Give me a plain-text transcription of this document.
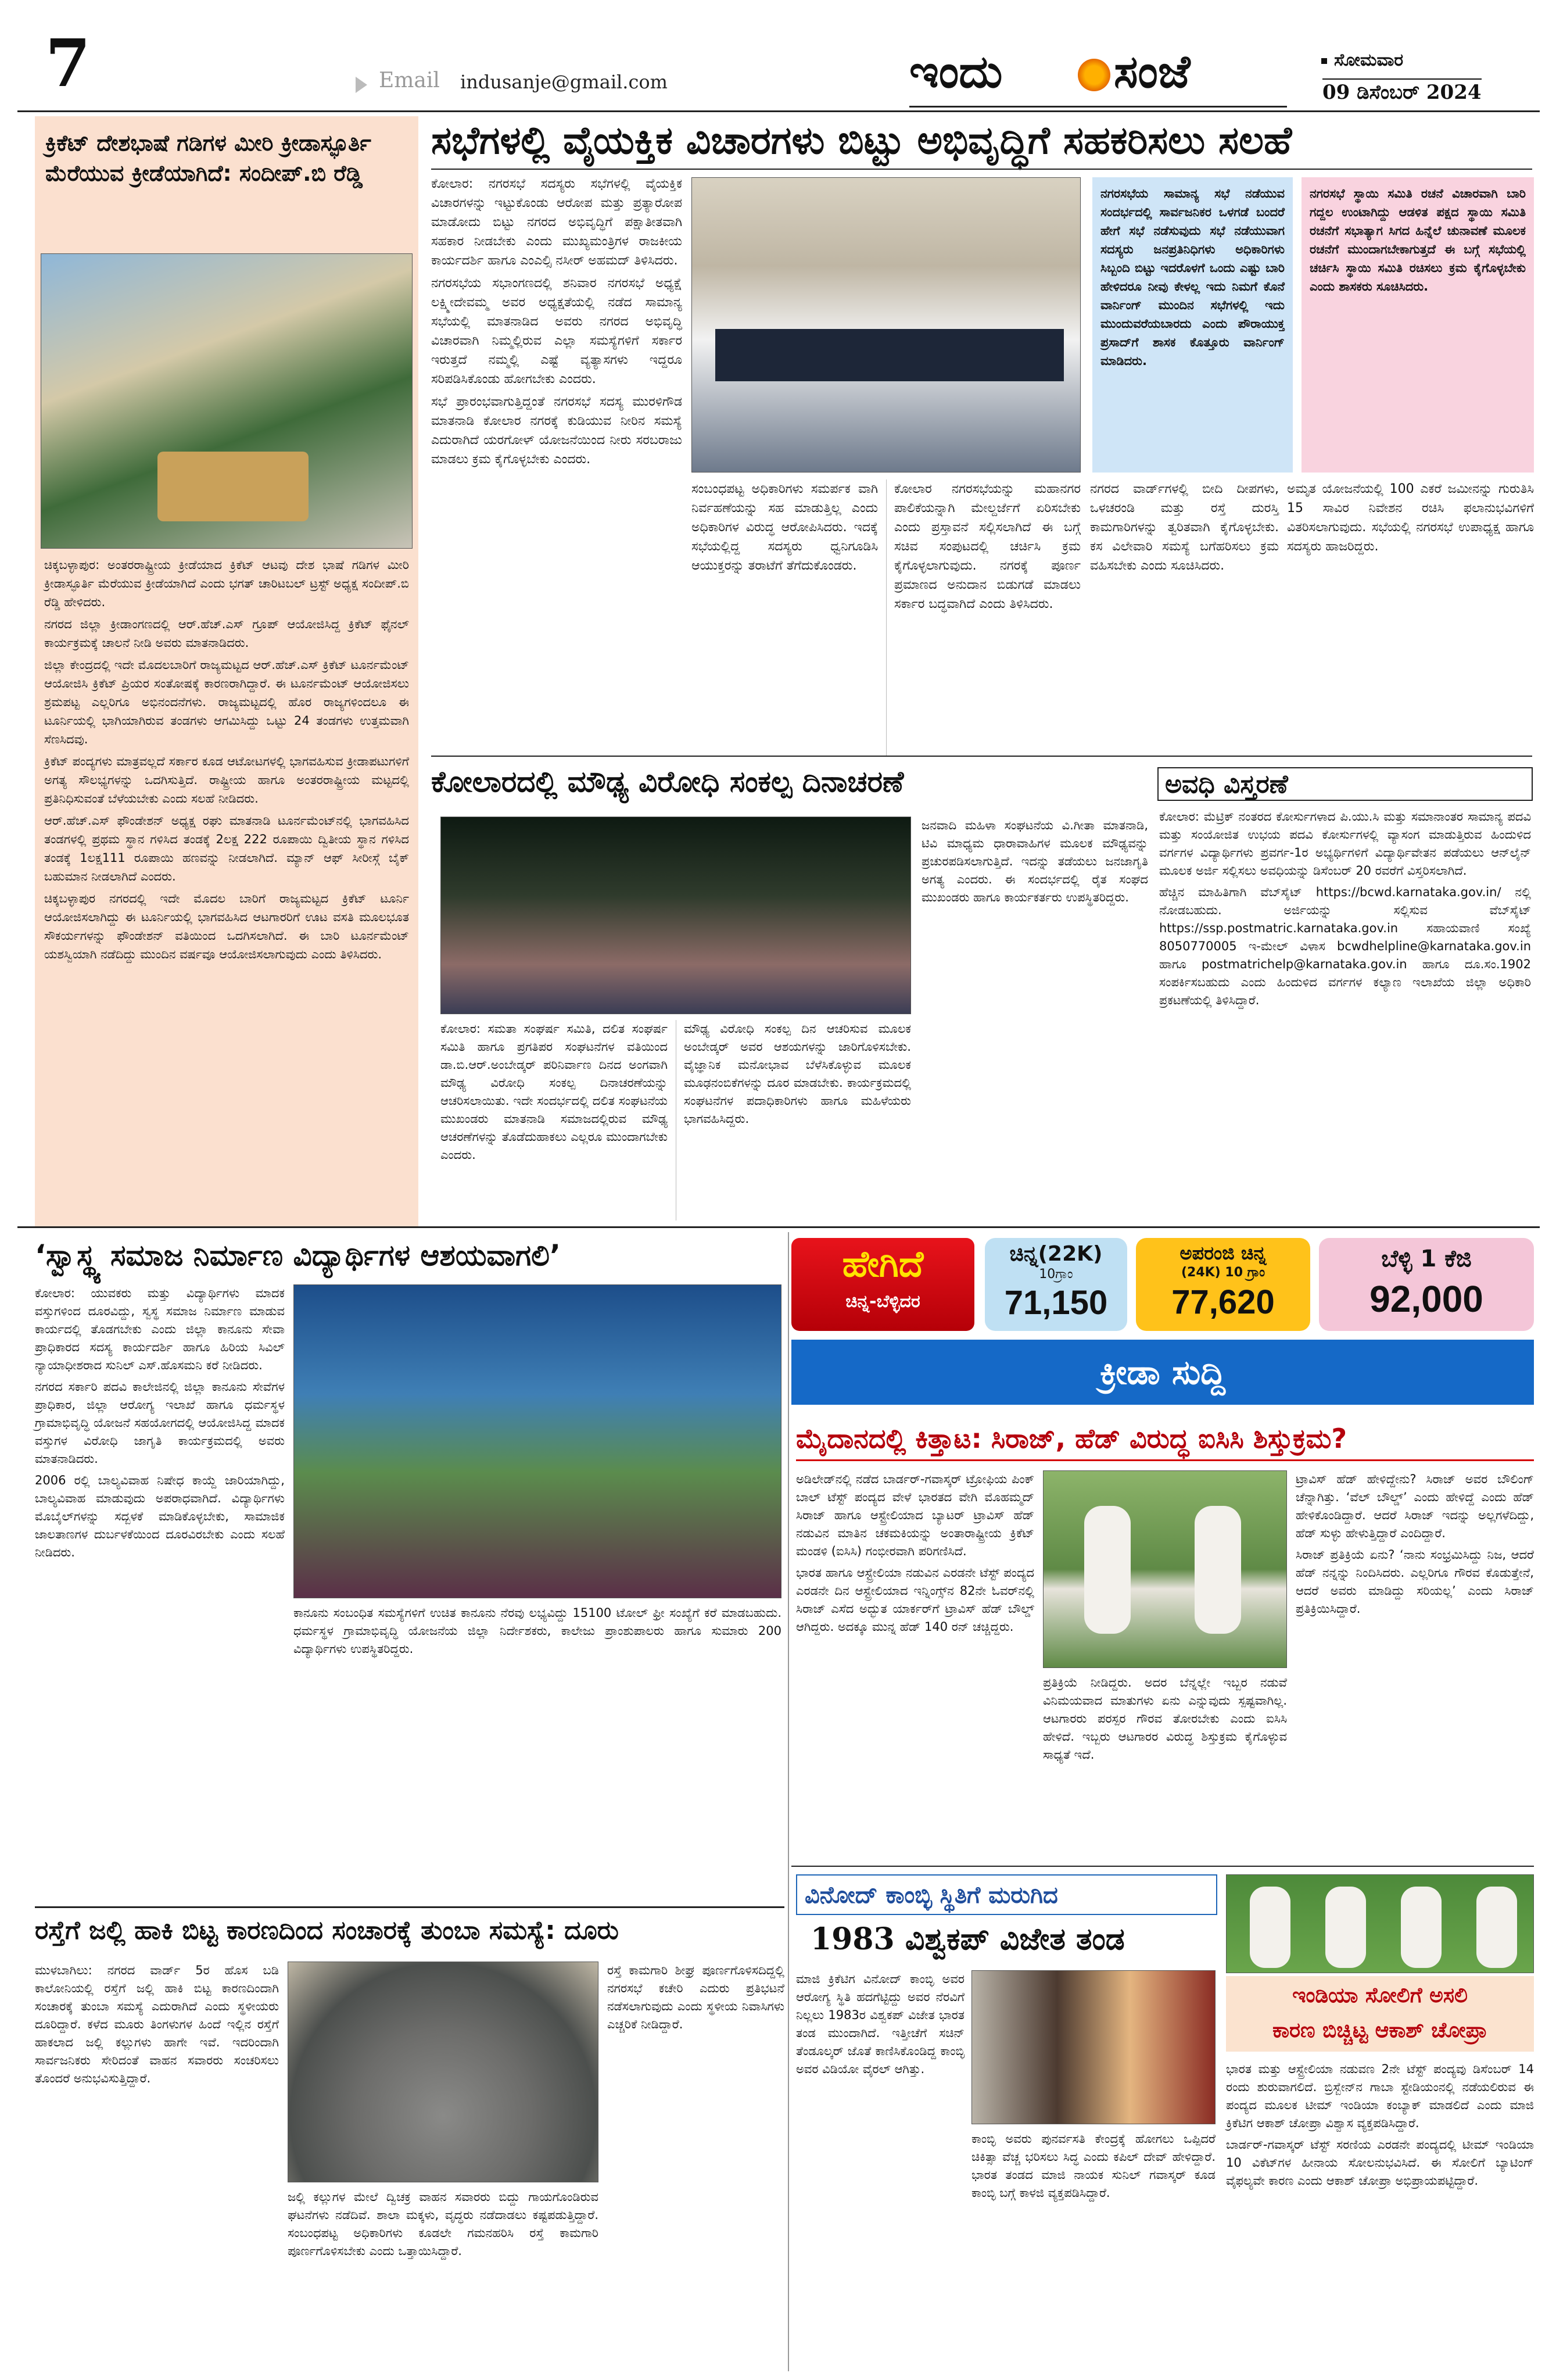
7	Email indusanje@gmail.com	ಇಂದು ಸಂಜೆ	ಸೋಮವಾರ
09 ಡಿಸೆಂಬರ್ 2024
ಕ್ರಿಕೆಟ್ ದೇಶಭಾಷೆ ಗಡಿಗಳ ಮೀರಿ ಕ್ರೀಡಾಸ್ಫೂರ್ತಿ ಮೆರೆಯುವ ಕ್ರೀಡೆಯಾಗಿದೆ: ಸಂದೀಪ್.ಬಿ ರೆಡ್ಡಿ

ಚಿಕ್ಕಬಳ್ಳಾಪುರ: ಅಂತರರಾಷ್ಟ್ರೀಯ ಕ್ರೀಡೆಯಾದ ಕ್ರಿಕೆಟ್ ಆಟವು ದೇಶ ಭಾಷೆ ಗಡಿಗಳ ಮೀರಿ ಕ್ರೀಡಾಸ್ಫೂರ್ತಿ ಮೆರೆಯುವ ಕ್ರೀಡೆಯಾಗಿದೆ ಎಂದು ಭಗತ್ ಚಾರಿಟಬಲ್ ಟ್ರಸ್ಟ್ ಅಧ್ಯಕ್ಷ ಸಂದೀಪ್.ಬಿ ರೆಡ್ಡಿ ಹೇಳಿದರು.

ನಗರದ ಜಿಲ್ಲಾ ಕ್ರೀಡಾಂಗಣದಲ್ಲಿ ಆರ್.ಹೆಚ್.ಎಸ್ ಗ್ರೂಪ್ ಆಯೋಜಿಸಿದ್ದ ಕ್ರಿಕೆಟ್ ಫೈನಲ್ ಕಾರ್ಯಕ್ರಮಕ್ಕೆ ಚಾಲನೆ ನೀಡಿ ಅವರು ಮಾತನಾಡಿದರು.

ಜಿಲ್ಲಾ ಕೇಂದ್ರದಲ್ಲಿ ಇದೇ ಮೊದಲಬಾರಿಗೆ ರಾಜ್ಯಮಟ್ಟದ ಆರ್.ಹೆಚ್.ಎಸ್ ಕ್ರಿಕೆಟ್ ಟೂರ್ನಮೆಂಟ್ ಆಯೋಜಿಸಿ ಕ್ರಿಕೆಟ್ ಪ್ರಿಯರ ಸಂತೋಷಕ್ಕೆ ಕಾರಣರಾಗಿದ್ದಾರೆ. ಈ ಟೂರ್ನಮೆಂಟ್ ಆಯೋಜಿಸಲು ಶ್ರಮಪಟ್ಟ ಎಲ್ಲರಿಗೂ ಅಭಿನಂದನೆಗಳು. ರಾಜ್ಯಮಟ್ಟದಲ್ಲಿ ಹೊರ ರಾಜ್ಯಗಳಿಂದಲೂ ಈ ಟೂರ್ನಿಯಲ್ಲಿ ಭಾಗಿಯಾಗಿರುವ ತಂಡಗಳು ಆಗಮಿಸಿದ್ದು ಒಟ್ಟು 24 ತಂಡಗಳು ಉತ್ತಮವಾಗಿ ಸೆಣಸಿದವು.

ಕ್ರಿಕೆಟ್ ಪಂದ್ಯಗಳು ಮಾತ್ರವಲ್ಲದೆ ಸರ್ಕಾರ ಕೂಡ ಆಟೋಟಗಳಲ್ಲಿ ಭಾಗವಹಿಸುವ ಕ್ರೀಡಾಪಟುಗಳಿಗೆ ಅಗತ್ಯ ಸೌಲಭ್ಯಗಳನ್ನು ಒದಗಿಸುತ್ತಿದೆ. ರಾಷ್ಟ್ರೀಯ ಹಾಗೂ ಅಂತರರಾಷ್ಟ್ರೀಯ ಮಟ್ಟದಲ್ಲಿ ಪ್ರತಿನಿಧಿಸುವಂತೆ ಬೆಳೆಯಬೇಕು ಎಂದು ಸಲಹೆ ನೀಡಿದರು.

ಆರ್.ಹೆಚ್.ಎಸ್ ಫೌಂಡೇಶನ್ ಅಧ್ಯಕ್ಷ ರಘು ಮಾತನಾಡಿ ಟೂರ್ನಮೆಂಟ್‌ನಲ್ಲಿ ಭಾಗವಹಿಸಿದ ತಂಡಗಳಲ್ಲಿ ಪ್ರಥಮ ಸ್ಥಾನ ಗಳಿಸಿದ ತಂಡಕ್ಕೆ 2ಲಕ್ಷ 222 ರೂಪಾಯಿ ದ್ವಿತೀಯ ಸ್ಥಾನ ಗಳಿಸಿದ ತಂಡಕ್ಕೆ 1ಲಕ್ಷ111 ರೂಪಾಯಿ ಹಣವನ್ನು ನೀಡಲಾಗಿದೆ. ಮ್ಯಾನ್ ಆಫ್ ಸೀರೀಸ್ಗೆ ಬೈಕ್ ಬಹುಮಾನ ನೀಡಲಾಗಿದೆ ಎಂದರು.

ಚಿಕ್ಕಬಳ್ಳಾಪುರ ನಗರದಲ್ಲಿ ಇದೇ ಮೊದಲ ಬಾರಿಗೆ ರಾಜ್ಯಮಟ್ಟದ ಕ್ರಿಕೆಟ್ ಟೂರ್ನಿ ಆಯೋಜಿಸಲಾಗಿದ್ದು ಈ ಟೂರ್ನಿಯಲ್ಲಿ ಭಾಗವಹಿಸಿದ ಆಟಗಾರರಿಗೆ ಊಟ ವಸತಿ ಮೂಲಭೂತ ಸೌಕರ್ಯಗಳನ್ನು ಫೌಂಡೇಶನ್ ವತಿಯಿಂದ ಒದಗಿಸಲಾಗಿದೆ. ಈ ಬಾರಿ ಟೂರ್ನಮೆಂಟ್ ಯಶಸ್ವಿಯಾಗಿ ನಡೆದಿದ್ದು ಮುಂದಿನ ವರ್ಷವೂ ಆಯೋಜಿಸಲಾಗುವುದು ಎಂದು ತಿಳಿಸಿದರು.

ಸಭೆಗಳಲ್ಲಿ ವೈಯಕ್ತಿಕ ವಿಚಾರಗಳು ಬಿಟ್ಟು ಅಭಿವೃದ್ಧಿಗೆ ಸಹಕರಿಸಲು ಸಲಹೆ

ಕೋಲಾರ: ನಗರಸಭೆ ಸದಸ್ಯರು ಸಭೆಗಳಲ್ಲಿ ವೈಯಕ್ತಿಕ ವಿಚಾರಗಳನ್ನು ಇಟ್ಟುಕೊಂಡು ಆರೋಪ ಮತ್ತು ಪ್ರತ್ಯಾರೋಪ ಮಾಡೋದು ಬಿಟ್ಟು ನಗರದ ಅಭಿವೃದ್ಧಿಗೆ ಪಕ್ಷಾತೀತವಾಗಿ ಸಹಕಾರ ನೀಡಬೇಕು ಎಂದು ಮುಖ್ಯಮಂತ್ರಿಗಳ ರಾಜಕೀಯ ಕಾರ್ಯದರ್ಶಿ ಹಾಗೂ ಎಂಎಲ್ಸಿ ನಸೀರ್ ಅಹಮದ್ ತಿಳಿಸಿದರು.

ನಗರಸಭೆಯ ಸಭಾಂಗಣದಲ್ಲಿ ಶನಿವಾರ ನಗರಸಭೆ ಅಧ್ಯಕ್ಷೆ ಲಕ್ಷ್ಮೀದೇವಮ್ಮ ಅವರ ಅಧ್ಯಕ್ಷತೆಯಲ್ಲಿ ನಡೆದ ಸಾಮಾನ್ಯ ಸಭೆಯಲ್ಲಿ ಮಾತನಾಡಿದ ಅವರು ನಗರದ ಅಭಿವೃದ್ಧಿ ವಿಚಾರವಾಗಿ ನಿಮ್ಮಲ್ಲಿರುವ ಎಲ್ಲಾ ಸಮಸ್ಯೆಗಳಿಗೆ ಸರ್ಕಾರ ಇರುತ್ತದೆ ನಮ್ಮಲ್ಲಿ ಎಷ್ಟೆ ವ್ಯತ್ಯಾಸಗಳು ಇದ್ದರೂ ಸರಿಪಡಿಸಿಕೊಂಡು ಹೋಗಬೇಕು ಎಂದರು.

ಸಭೆ ಪ್ರಾರಂಭವಾಗುತ್ತಿದ್ದಂತೆ ನಗರಸಭೆ ಸದಸ್ಯ ಮುರಳಿಗೌಡ ಮಾತನಾಡಿ ಕೋಲಾರ ನಗರಕ್ಕೆ ಕುಡಿಯುವ ನೀರಿನ ಸಮಸ್ಯೆ ಎದುರಾಗಿದೆ ಯರಗೋಳ್ ಯೋಜನೆಯಿಂದ ನೀರು ಸರಬರಾಜು ಮಾಡಲು ಕ್ರಮ ಕೈಗೊಳ್ಳಬೇಕು ಎಂದರು.

ಸಂಬಂಧಪಟ್ಟ ಅಧಿಕಾರಿಗಳು ಸಮರ್ಪಕ ವಾಗಿ ನಿರ್ವಹಣೆಯನ್ನು ಸಹ ಮಾಡುತ್ತಿಲ್ಲ ಎಂದು ಅಧಿಕಾರಿಗಳ ವಿರುದ್ಧ ಆರೋಪಿಸಿದರು. ಇದಕ್ಕೆ ಸಭೆಯಲ್ಲಿದ್ದ ಸದಸ್ಯರು ಧ್ವನಿಗೂಡಿಸಿ ಆಯುಕ್ತರನ್ನು ತರಾಟೆಗೆ ತೆಗೆದುಕೊಂಡರು.

ಕೋಲಾರ ನಗರಸಭೆಯನ್ನು ಮಹಾನಗರ ಪಾಲಿಕೆಯನ್ನಾಗಿ ಮೇಲ್ದರ್ಜೆಗೆ ಏರಿಸಬೇಕು ಎಂದು ಪ್ರಸ್ತಾವನೆ ಸಲ್ಲಿಸಲಾಗಿದೆ ಈ ಬಗ್ಗೆ ಸಚಿವ ಸಂಪುಟದಲ್ಲಿ ಚರ್ಚಿಸಿ ಕ್ರಮ ಕೈಗೊಳ್ಳಲಾಗುವುದು. ನಗರಕ್ಕೆ ಪೂರ್ಣ ಪ್ರಮಾಣದ ಅನುದಾನ ಬಿಡುಗಡೆ ಮಾಡಲು ಸರ್ಕಾರ ಬದ್ಧವಾಗಿದೆ ಎಂದು ತಿಳಿಸಿದರು.

ನಗರದ ವಾರ್ಡ್‌ಗಳಲ್ಲಿ ಬೀದಿ ದೀಪಗಳು, ಒಳಚರಂಡಿ ಮತ್ತು ರಸ್ತೆ ದುರಸ್ತಿ ಕಾಮಗಾರಿಗಳನ್ನು ತ್ವರಿತವಾಗಿ ಕೈಗೊಳ್ಳಬೇಕು. ಕಸ ವಿಲೇವಾರಿ ಸಮಸ್ಯೆ ಬಗೆಹರಿಸಲು ಕ್ರಮ ವಹಿಸಬೇಕು ಎಂದು ಸೂಚಿಸಿದರು.

ಅಮೃತ ಯೋಜನೆಯಲ್ಲಿ 100 ಎಕರೆ ಜಮೀನನ್ನು ಗುರುತಿಸಿ 15 ಸಾವಿರ ನಿವೇಶನ ರಚಿಸಿ ಫಲಾನುಭವಿಗಳಿಗೆ ವಿತರಿಸಲಾಗುವುದು. ಸಭೆಯಲ್ಲಿ ನಗರಸಭೆ ಉಪಾಧ್ಯಕ್ಷ ಹಾಗೂ ಸದಸ್ಯರು ಹಾಜರಿದ್ದರು.

ನಗರಸಭೆಯ ಸಾಮಾನ್ಯ ಸಭೆ ನಡೆಯುವ ಸಂದರ್ಭದಲ್ಲಿ ಸಾರ್ವಜನಿಕರ ಒಳಗಡೆ ಬಂದರೆ ಹೇಗೆ ಸಭೆ ನಡೆಸುವುದು ಸಭೆ ನಡೆಯುವಾಗ ಸದಸ್ಯರು ಜನಪ್ರತಿನಿಧಿಗಳು ಅಧಿಕಾರಿಗಳು ಸಿಬ್ಬಂದಿ ಬಿಟ್ಟು ಇದರೊಳಗೆ ಒಂದು ಎಷ್ಟು ಬಾರಿ ಹೇಳಿದರೂ ನೀವು ಕೇಳಲ್ಲ ಇದು ನಿಮಗೆ ಕೊನೆ ವಾರ್ನಿಂಗ್ ಮುಂದಿನ ಸಭೆಗಳಲ್ಲಿ ಇದು ಮುಂದುವರೆಯಬಾರದು ಎಂದು ಪೌರಾಯುಕ್ತ ಪ್ರಸಾದ್‌ಗೆ ಶಾಸಕ ಕೊತ್ತೂರು ವಾರ್ನಿಂಗ್ ಮಾಡಿದರು.
ನಗರಸಭೆ ಸ್ಥಾಯಿ ಸಮಿತಿ ರಚನೆ ವಿಚಾರವಾಗಿ ಬಾರಿ ಗದ್ದಲ ಉಂಟಾಗಿದ್ದು ಆಡಳಿತ ಪಕ್ಷದ ಸ್ಥಾಯಿ ಸಮಿತಿ ರಚನೆಗೆ ಸಭಾತ್ಯಾಗ ಸಿಗದ ಹಿನ್ನೆಲೆ ಚುನಾವಣೆ ಮೂಲಕ ರಚನೆಗೆ ಮುಂದಾಗಬೇಕಾಗುತ್ತದೆ ಈ ಬಗ್ಗೆ ಸಭೆಯಲ್ಲಿ ಚರ್ಚಿಸಿ ಸ್ಥಾಯಿ ಸಮಿತಿ ರಚಿಸಲು ಕ್ರಮ ಕೈಗೊಳ್ಳಬೇಕು ಎಂದು ಶಾಸಕರು ಸೂಚಿಸಿದರು.
ಕೋಲಾರದಲ್ಲಿ ಮೌಢ್ಯ ವಿರೋಧಿ ಸಂಕಲ್ಪ ದಿನಾಚರಣೆ

ಕೋಲಾರ: ಸಮತಾ ಸಂಘರ್ಷ ಸಮಿತಿ, ದಲಿತ ಸಂಘರ್ಷ ಸಮಿತಿ ಹಾಗೂ ಪ್ರಗತಿಪರ ಸಂಘಟನೆಗಳ ವತಿಯಿಂದ ಡಾ.ಬಿ.ಆರ್.ಅಂಬೇಡ್ಕರ್ ಪರಿನಿರ್ವಾಣ ದಿನದ ಅಂಗವಾಗಿ ಮೌಢ್ಯ ವಿರೋಧಿ ಸಂಕಲ್ಪ ದಿನಾಚರಣೆಯನ್ನು ಆಚರಿಸಲಾಯಿತು. ಇದೇ ಸಂದರ್ಭದಲ್ಲಿ ದಲಿತ ಸಂಘಟನೆಯ ಮುಖಂಡರು ಮಾತನಾಡಿ ಸಮಾಜದಲ್ಲಿರುವ ಮೌಢ್ಯ ಆಚರಣೆಗಳನ್ನು ತೊಡೆದುಹಾಕಲು ಎಲ್ಲರೂ ಮುಂದಾಗಬೇಕು ಎಂದರು.

ಮೌಢ್ಯ ವಿರೋಧಿ ಸಂಕಲ್ಪ ದಿನ ಆಚರಿಸುವ ಮೂಲಕ ಅಂಬೇಡ್ಕರ್ ಅವರ ಆಶಯಗಳನ್ನು ಜಾರಿಗೊಳಿಸಬೇಕು. ವೈಜ್ಞಾನಿಕ ಮನೋಭಾವ ಬೆಳೆಸಿಕೊಳ್ಳುವ ಮೂಲಕ ಮೂಢನಂಬಿಕೆಗಳನ್ನು ದೂರ ಮಾಡಬೇಕು. ಕಾರ್ಯಕ್ರಮದಲ್ಲಿ ಸಂಘಟನೆಗಳ ಪದಾಧಿಕಾರಿಗಳು ಹಾಗೂ ಮಹಿಳೆಯರು ಭಾಗವಹಿಸಿದ್ದರು.

ಜನವಾದಿ ಮಹಿಳಾ ಸಂಘಟನೆಯ ವಿ.ಗೀತಾ ಮಾತನಾಡಿ, ಟಿವಿ ಮಾಧ್ಯಮ ಧಾರಾವಾಹಿಗಳ ಮೂಲಕ ಮೌಢ್ಯವನ್ನು ಪ್ರಚುರಪಡಿಸಲಾಗುತ್ತಿದೆ. ಇದನ್ನು ತಡೆಯಲು ಜನಜಾಗೃತಿ ಅಗತ್ಯ ಎಂದರು. ಈ ಸಂದರ್ಭದಲ್ಲಿ ರೈತ ಸಂಘದ ಮುಖಂಡರು ಹಾಗೂ ಕಾರ್ಯಕರ್ತರು ಉಪಸ್ಥಿತರಿದ್ದರು.

ಅವಧಿ ವಿಸ್ತರಣೆ

ಕೋಲಾರ: ಮೆಟ್ರಿಕ್ ನಂತರದ ಕೋರ್ಸುಗಳಾದ ಪಿ.ಯು.ಸಿ ಮತ್ತು ಸಮಾನಾಂತರ ಸಾಮಾನ್ಯ ಪದವಿ ಮತ್ತು ಸಂಯೋಜಿತ ಉಭಯ ಪದವಿ ಕೋರ್ಸುಗಳಲ್ಲಿ ವ್ಯಾಸಂಗ ಮಾಡುತ್ತಿರುವ ಹಿಂದುಳಿದ ವರ್ಗಗಳ ವಿದ್ಯಾರ್ಥಿಗಳು ಪ್ರವರ್ಗ-1ರ ಅಭ್ಯರ್ಥಿಗಳಿಗೆ ವಿದ್ಯಾರ್ಥಿವೇತನ ಪಡೆಯಲು ಆನ್‌ಲೈನ್ ಮೂಲಕ ಅರ್ಜಿ ಸಲ್ಲಿಸಲು ಅವಧಿಯನ್ನು ಡಿಸೆಂಬರ್ 20 ರವರೆಗೆ ವಿಸ್ತರಿಸಲಾಗಿದೆ.

ಹೆಚ್ಚಿನ ಮಾಹಿತಿಗಾಗಿ ವೆಬ್‌ಸೈಟ್ https://bcwd.karnataka.gov.in/ ನಲ್ಲಿ ನೋಡಬಹುದು. ಅರ್ಜಿಯನ್ನು ಸಲ್ಲಿಸುವ ವೆಬ್‌ಸೈಟ್ https://ssp.postmatric.karnataka.gov.in ಸಹಾಯವಾಣಿ ಸಂಖ್ಯೆ 8050770005 ಇ-ಮೇಲ್ ವಿಳಾಸ bcwdhelpline@karnataka.gov.in ಹಾಗೂ postmatrichelp@karnataka.gov.in ಹಾಗೂ ದೂ.ಸಂ.1902 ಸಂಪರ್ಕಿಸಬಹುದು ಎಂದು ಹಿಂದುಳಿದ ವರ್ಗಗಳ ಕಲ್ಯಾಣ ಇಲಾಖೆಯ ಜಿಲ್ಲಾ ಅಧಿಕಾರಿ ಪ್ರಕಟಣೆಯಲ್ಲಿ ತಿಳಿಸಿದ್ದಾರೆ.

‘ಸ್ವಾಸ್ಥ್ಯ ಸಮಾಜ ನಿರ್ಮಾಣ ವಿದ್ಯಾರ್ಥಿಗಳ ಆಶಯವಾಗಲಿ’

ಕೋಲಾರ: ಯುವಕರು ಮತ್ತು ವಿದ್ಯಾರ್ಥಿಗಳು ಮಾದಕ ವಸ್ತುಗಳಿಂದ ದೂರವಿದ್ದು, ಸ್ವಸ್ಥ ಸಮಾಜ ನಿರ್ಮಾಣ ಮಾಡುವ ಕಾರ್ಯದಲ್ಲಿ ತೊಡಗಬೇಕು ಎಂದು ಜಿಲ್ಲಾ ಕಾನೂನು ಸೇವಾ ಪ್ರಾಧಿಕಾರದ ಸದಸ್ಯ ಕಾರ್ಯದರ್ಶಿ ಹಾಗೂ ಹಿರಿಯ ಸಿವಿಲ್ ನ್ಯಾಯಾಧೀಶರಾದ ಸುನಿಲ್ ಎಸ್.ಹೊಸಮನಿ ಕರೆ ನೀಡಿದರು.

ನಗರದ ಸರ್ಕಾರಿ ಪದವಿ ಕಾಲೇಜಿನಲ್ಲಿ ಜಿಲ್ಲಾ ಕಾನೂನು ಸೇವೆಗಳ ಪ್ರಾಧಿಕಾರ, ಜಿಲ್ಲಾ ಆರೋಗ್ಯ ಇಲಾಖೆ ಹಾಗೂ ಧರ್ಮಸ್ಥಳ ಗ್ರಾಮಾಭಿವೃದ್ಧಿ ಯೋಜನೆ ಸಹಯೋಗದಲ್ಲಿ ಆಯೋಜಿಸಿದ್ದ ಮಾದಕ ವಸ್ತುಗಳ ವಿರೋಧಿ ಜಾಗೃತಿ ಕಾರ್ಯಕ್ರಮದಲ್ಲಿ ಅವರು ಮಾತನಾಡಿದರು.

2006 ರಲ್ಲಿ ಬಾಲ್ಯವಿವಾಹ ನಿಷೇಧ ಕಾಯ್ದೆ ಜಾರಿಯಾಗಿದ್ದು, ಬಾಲ್ಯವಿವಾಹ ಮಾಡುವುದು ಅಪರಾಧವಾಗಿದೆ. ವಿದ್ಯಾರ್ಥಿಗಳು ಮೊಬೈಲ್‌ಗಳನ್ನು ಸದ್ಬಳಕೆ ಮಾಡಿಕೊಳ್ಳಬೇಕು, ಸಾಮಾಜಿಕ ಜಾಲತಾಣಗಳ ದುರ್ಬಳಕೆಯಿಂದ ದೂರವಿರಬೇಕು ಎಂದು ಸಲಹೆ ನೀಡಿದರು.

ಕಾನೂನು ಸಂಬಂಧಿತ ಸಮಸ್ಯೆಗಳಿಗೆ ಉಚಿತ ಕಾನೂನು ನೆರವು ಲಭ್ಯವಿದ್ದು 15100 ಟೋಲ್ ಫ್ರೀ ಸಂಖ್ಯೆಗೆ ಕರೆ ಮಾಡಬಹುದು. ಧರ್ಮಸ್ಥಳ ಗ್ರಾಮಾಭಿವೃದ್ಧಿ ಯೋಜನೆಯ ಜಿಲ್ಲಾ ನಿರ್ದೇಶಕರು, ಕಾಲೇಜು ಪ್ರಾಂಶುಪಾಲರು ಹಾಗೂ ಸುಮಾರು 200 ವಿದ್ಯಾರ್ಥಿಗಳು ಉಪಸ್ಥಿತರಿದ್ದರು.

ರಸ್ತೆಗೆ ಜಲ್ಲಿ ಹಾಕಿ ಬಿಟ್ಟ ಕಾರಣದಿಂದ ಸಂಚಾರಕ್ಕೆ ತುಂಬಾ ಸಮಸ್ಯೆ: ದೂರು

ಮುಳಬಾಗಿಲು: ನಗರದ ವಾರ್ಡ್ 5ರ ಹೊಸ ಬಡಿ ಕಾಲೋನಿಯಲ್ಲಿ ರಸ್ತೆಗೆ ಜಲ್ಲಿ ಹಾಕಿ ಬಿಟ್ಟ ಕಾರಣದಿಂದಾಗಿ ಸಂಚಾರಕ್ಕೆ ತುಂಬಾ ಸಮಸ್ಯೆ ಎದುರಾಗಿದೆ ಎಂದು ಸ್ಥಳೀಯರು ದೂರಿದ್ದಾರೆ. ಕಳೆದ ಮೂರು ತಿಂಗಳುಗಳ ಹಿಂದೆ ಇಲ್ಲಿನ ರಸ್ತೆಗೆ ಹಾಕಲಾದ ಜಲ್ಲಿ ಕಲ್ಲುಗಳು ಹಾಗೇ ಇವೆ. ಇದರಿಂದಾಗಿ ಸಾರ್ವಜನಿಕರು ಸೇರಿದಂತೆ ವಾಹನ ಸವಾರರು ಸಂಚರಿಸಲು ತೊಂದರೆ ಅನುಭವಿಸುತ್ತಿದ್ದಾರೆ.

ಜಲ್ಲಿ ಕಲ್ಲುಗಳ ಮೇಲೆ ದ್ವಿಚಕ್ರ ವಾಹನ ಸವಾರರು ಬಿದ್ದು ಗಾಯಗೊಂಡಿರುವ ಘಟನೆಗಳು ನಡೆದಿವೆ. ಶಾಲಾ ಮಕ್ಕಳು, ವೃದ್ಧರು ನಡೆದಾಡಲು ಕಷ್ಟಪಡುತ್ತಿದ್ದಾರೆ. ಸಂಬಂಧಪಟ್ಟ ಅಧಿಕಾರಿಗಳು ಕೂಡಲೇ ಗಮನಹರಿಸಿ ರಸ್ತೆ ಕಾಮಗಾರಿ ಪೂರ್ಣಗೊಳಿಸಬೇಕು ಎಂದು ಒತ್ತಾಯಿಸಿದ್ದಾರೆ.

ರಸ್ತೆ ಕಾಮಗಾರಿ ಶೀಘ್ರ ಪೂರ್ಣಗೊಳಿಸದಿದ್ದಲ್ಲಿ ನಗರಸಭೆ ಕಚೇರಿ ಎದುರು ಪ್ರತಿಭಟನೆ ನಡೆಸಲಾಗುವುದು ಎಂದು ಸ್ಥಳೀಯ ನಿವಾಸಿಗಳು ಎಚ್ಚರಿಕೆ ನೀಡಿದ್ದಾರೆ.

ಹೇಗಿದೆ
ಚಿನ್ನ-ಬೆಳ್ಳಿದರ
ಚಿನ್ನ(22K)
10ಗ್ರಾಂ
71,150
ಅಪರಂಜಿ ಚಿನ್ನ
(24K) 10 ಗ್ರಾಂ
77,620
ಬೆಳ್ಳಿ 1 ಕೆಜಿ
92,000
ಕ್ರೀಡಾ ಸುದ್ದಿ
ಮೈದಾನದಲ್ಲಿ ಕಿತ್ತಾಟ: ಸಿರಾಜ್, ಹೆಡ್ ವಿರುದ್ಧ ಐಸಿಸಿ ಶಿಸ್ತುಕ್ರಮ?

ಅಡಿಲೇಡ್‌ನಲ್ಲಿ ನಡೆದ ಬಾರ್ಡರ್-ಗವಾಸ್ಕರ್ ಟ್ರೋಫಿಯ ಪಿಂಕ್ ಬಾಲ್ ಟೆಸ್ಟ್ ಪಂದ್ಯದ ವೇಳೆ ಭಾರತದ ವೇಗಿ ಮೊಹಮ್ಮದ್ ಸಿರಾಜ್ ಹಾಗೂ ಆಸ್ಟ್ರೇಲಿಯಾದ ಬ್ಯಾಟರ್ ಟ್ರಾವಿಸ್ ಹೆಡ್ ನಡುವಿನ ಮಾತಿನ ಚಕಮಕಿಯನ್ನು ಅಂತಾರಾಷ್ಟ್ರೀಯ ಕ್ರಿಕೆಟ್ ಮಂಡಳಿ (ಐಸಿಸಿ) ಗಂಭೀರವಾಗಿ ಪರಿಗಣಿಸಿದೆ.

ಭಾರತ ಹಾಗೂ ಆಸ್ಟ್ರೇಲಿಯಾ ನಡುವಿನ ಎರಡನೇ ಟೆಸ್ಟ್ ಪಂದ್ಯದ ಎರಡನೇ ದಿನ ಆಸ್ಟ್ರೇಲಿಯಾದ ಇನ್ನಿಂಗ್ಸ್‌ನ 82ನೇ ಓವರ್‌ನಲ್ಲಿ ಸಿರಾಜ್ ಎಸೆದ ಅದ್ಭುತ ಯಾರ್ಕರ್‌ಗೆ ಟ್ರಾವಿಸ್ ಹೆಡ್ ಬೌಲ್ಡ್ ಆಗಿದ್ದರು. ಅದಕ್ಕೂ ಮುನ್ನ ಹೆಡ್ 140 ರನ್ ಚಚ್ಚಿದ್ದರು.

ಪ್ರತಿಕ್ರಿಯೆ ನೀಡಿದ್ದರು. ಅದರ ಬೆನ್ನಲ್ಲೇ ಇಬ್ಬರ ನಡುವೆ ವಿನಿಮಯವಾದ ಮಾತುಗಳು ಏನು ಎನ್ನುವುದು ಸ್ಪಷ್ಟವಾಗಿಲ್ಲ. ಆಟಗಾರರು ಪರಸ್ಪರ ಗೌರವ ತೋರಬೇಕು ಎಂದು ಐಸಿಸಿ ಹೇಳಿದೆ. ಇಬ್ಬರು ಆಟಗಾರರ ವಿರುದ್ಧ ಶಿಸ್ತುಕ್ರಮ ಕೈಗೊಳ್ಳುವ ಸಾಧ್ಯತೆ ಇದೆ.

ಟ್ರಾವಿಸ್ ಹೆಡ್ ಹೇಳಿದ್ದೇನು? ಸಿರಾಜ್ ಅವರ ಬೌಲಿಂಗ್ ಚೆನ್ನಾಗಿತ್ತು. ‘ವೆಲ್ ಬೌಲ್ಡ್’ ಎಂದು ಹೇಳಿದ್ದೆ ಎಂದು ಹೆಡ್ ಹೇಳಿಕೊಂಡಿದ್ದಾರೆ. ಆದರೆ ಸಿರಾಜ್ ಇದನ್ನು ಅಲ್ಲಗಳೆದಿದ್ದು, ಹೆಡ್ ಸುಳ್ಳು ಹೇಳುತ್ತಿದ್ದಾರೆ ಎಂದಿದ್ದಾರೆ.

ಸಿರಾಜ್ ಪ್ರತಿಕ್ರಿಯೆ ಏನು? ‘ನಾನು ಸಂಭ್ರಮಿಸಿದ್ದು ನಿಜ, ಆದರೆ ಹೆಡ್ ನನ್ನನ್ನು ನಿಂದಿಸಿದರು. ಎಲ್ಲರಿಗೂ ಗೌರವ ಕೊಡುತ್ತೇನೆ, ಆದರೆ ಅವರು ಮಾಡಿದ್ದು ಸರಿಯಲ್ಲ’ ಎಂದು ಸಿರಾಜ್ ಪ್ರತಿಕ್ರಿಯಿಸಿದ್ದಾರೆ.

ವಿನೋದ್ ಕಾಂಬ್ಳಿ ಸ್ಥಿತಿಗೆ ಮರುಗಿದ
1983 ವಿಶ್ವಕಪ್ ವಿಜೇತ ತಂಡ

ಮಾಜಿ ಕ್ರಿಕೆಟಿಗ ವಿನೋದ್ ಕಾಂಬ್ಳಿ ಅವರ ಆರೋಗ್ಯ ಸ್ಥಿತಿ ಹದಗೆಟ್ಟಿದ್ದು ಅವರ ನೆರವಿಗೆ ನಿಲ್ಲಲು 1983ರ ವಿಶ್ವಕಪ್ ವಿಜೇತ ಭಾರತ ತಂಡ ಮುಂದಾಗಿದೆ. ಇತ್ತೀಚೆಗೆ ಸಚಿನ್ ತೆಂಡೂಲ್ಕರ್ ಜೊತೆ ಕಾಣಿಸಿಕೊಂಡಿದ್ದ ಕಾಂಬ್ಳಿ ಅವರ ವಿಡಿಯೋ ವೈರಲ್ ಆಗಿತ್ತು.

ಕಾಂಬ್ಳಿ ಅವರು ಪುನರ್ವಸತಿ ಕೇಂದ್ರಕ್ಕೆ ಹೋಗಲು ಒಪ್ಪಿದರೆ ಚಿಕಿತ್ಸಾ ವೆಚ್ಚ ಭರಿಸಲು ಸಿದ್ಧ ಎಂದು ಕಪಿಲ್ ದೇವ್ ಹೇಳಿದ್ದಾರೆ. ಭಾರತ ತಂಡದ ಮಾಜಿ ನಾಯಕ ಸುನಿಲ್ ಗವಾಸ್ಕರ್ ಕೂಡ ಕಾಂಬ್ಳಿ ಬಗ್ಗೆ ಕಾಳಜಿ ವ್ಯಕ್ತಪಡಿಸಿದ್ದಾರೆ.

ಇಂಡಿಯಾ ಸೋಲಿಗೆ ಅಸಲಿ
ಕಾರಣ ಬಿಚ್ಚಿಟ್ಟ ಆಕಾಶ್ ಚೋಪ್ರಾ

ಭಾರತ ಮತ್ತು ಆಸ್ಟ್ರೇಲಿಯಾ ನಡುವಣ 2ನೇ ಟೆಸ್ಟ್ ಪಂದ್ಯವು ಡಿಸೆಂಬರ್ 14 ರಂದು ಶುರುವಾಗಲಿದೆ. ಬ್ರಿಸ್ಬೇನ್‌ನ ಗಾಬಾ ಸ್ಟೇಡಿಯಂನಲ್ಲಿ ನಡೆಯಲಿರುವ ಈ ಪಂದ್ಯದ ಮೂಲಕ ಟೀಮ್ ಇಂಡಿಯಾ ಕಂಬ್ಯಾಕ್ ಮಾಡಲಿದೆ ಎಂದು ಮಾಜಿ ಕ್ರಿಕೆಟಿಗ ಆಕಾಶ್ ಚೋಪ್ರಾ ವಿಶ್ವಾಸ ವ್ಯಕ್ತಪಡಿಸಿದ್ದಾರೆ.

ಬಾರ್ಡರ್-ಗವಾಸ್ಕರ್ ಟೆಸ್ಟ್ ಸರಣಿಯ ಎರಡನೇ ಪಂದ್ಯದಲ್ಲಿ ಟೀಮ್ ಇಂಡಿಯಾ 10 ವಿಕೆಟ್‌ಗಳ ಹೀನಾಯ ಸೋಲನುಭವಿಸಿದೆ. ಈ ಸೋಲಿಗೆ ಬ್ಯಾಟಿಂಗ್ ವೈಫಲ್ಯವೇ ಕಾರಣ ಎಂದು ಆಕಾಶ್ ಚೋಪ್ರಾ ಅಭಿಪ್ರಾಯಪಟ್ಟಿದ್ದಾರೆ.
